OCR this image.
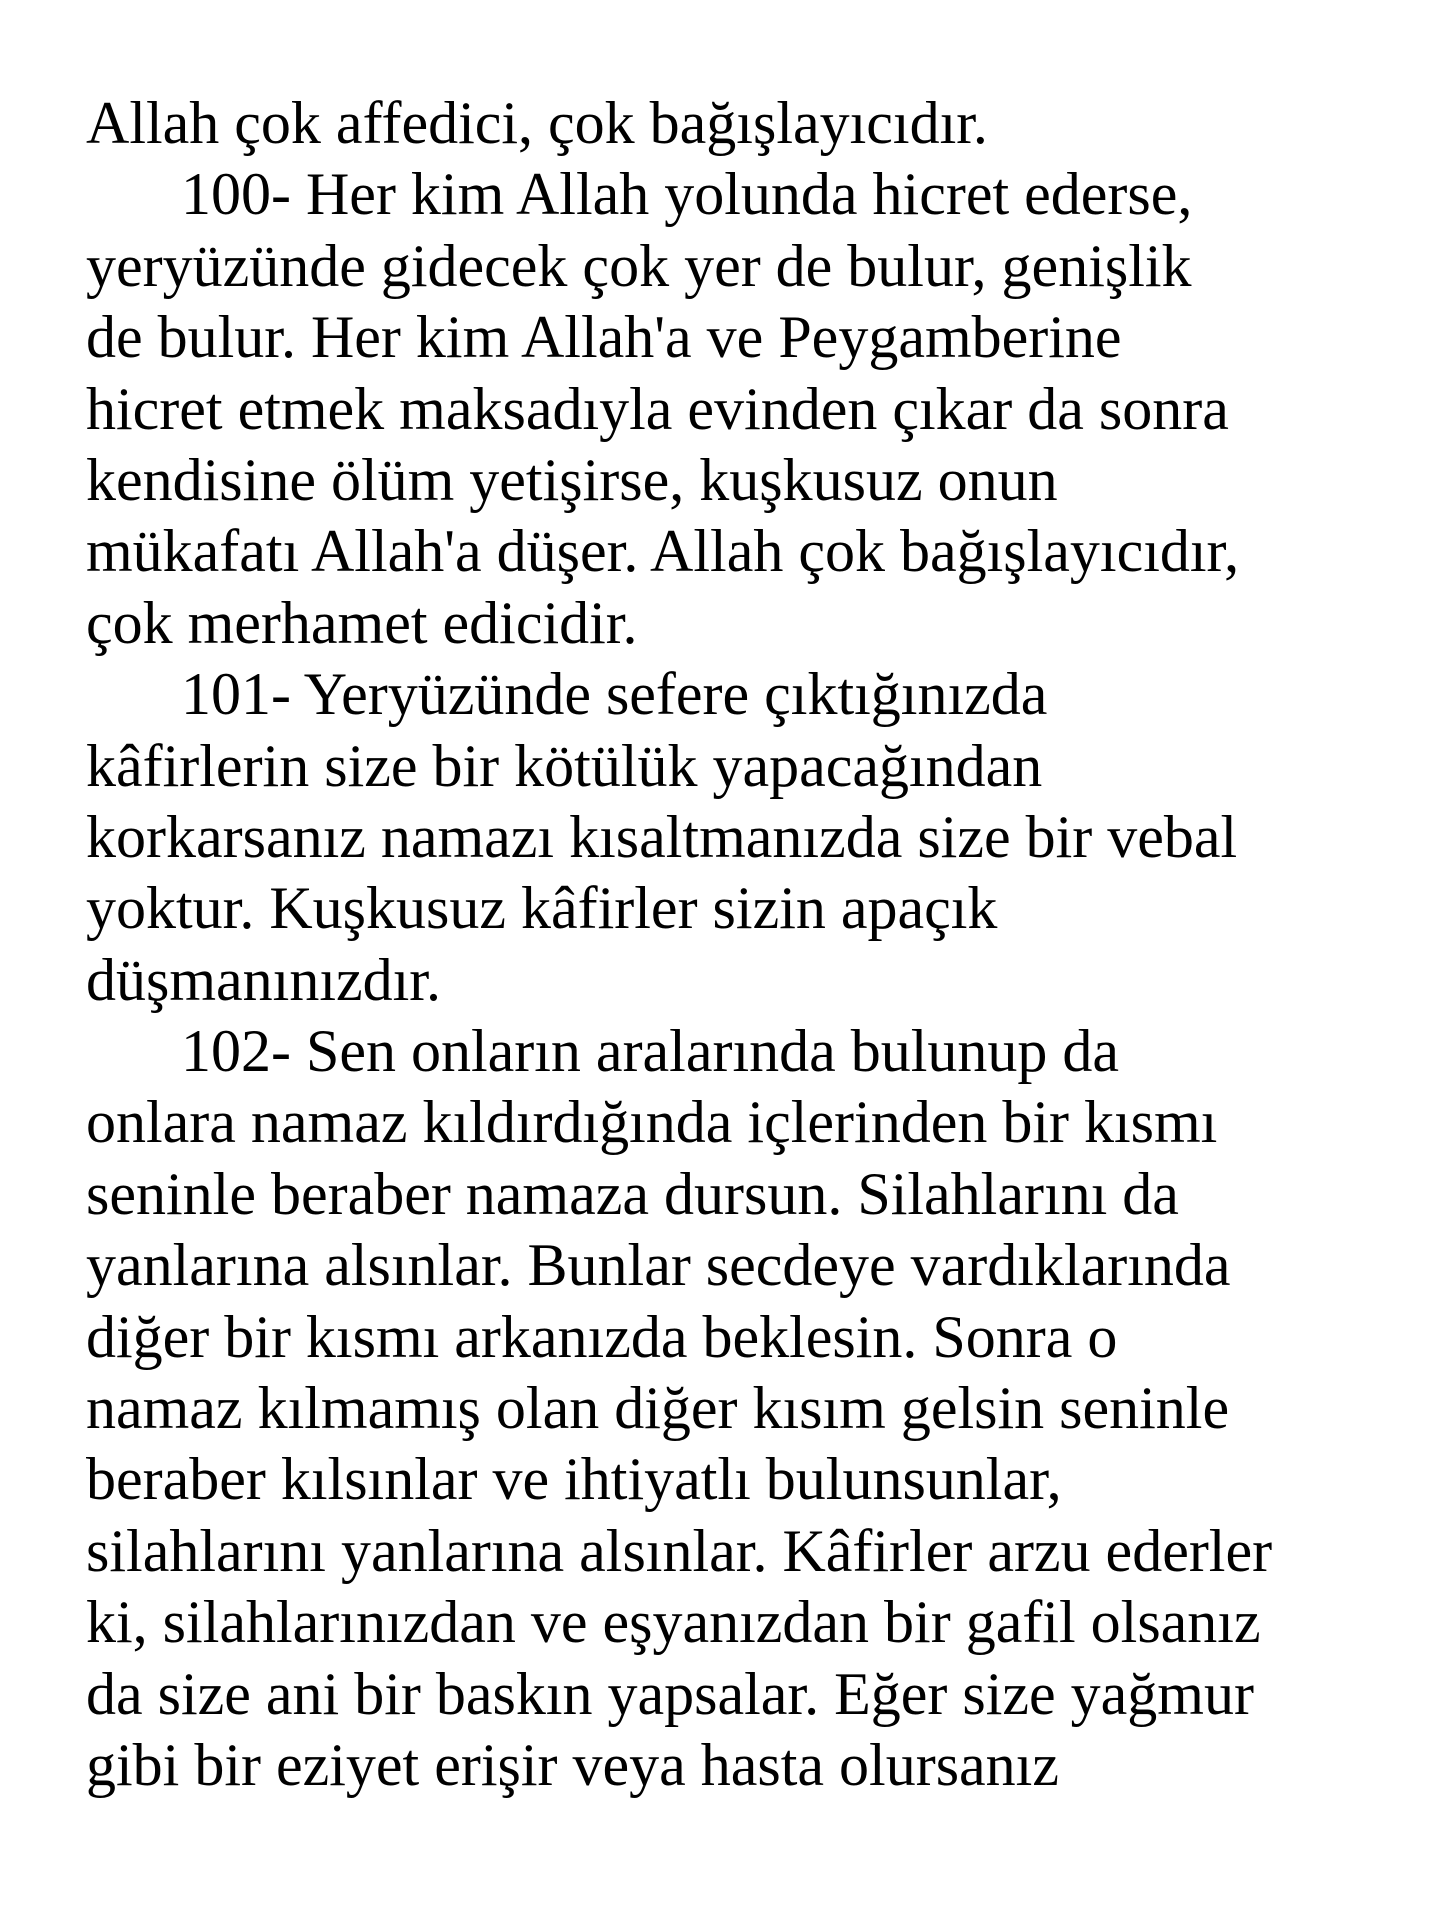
Allah çok affedici, çok bağışlayıcıdır.
100- Her kim Allah yolunda hicret ederse,
yeryüzünde gidecek çok yer de bulur, genişlik
de bulur. Her kim Allah'a ve Peygamberine
hicret etmek maksadıyla evinden çıkar da sonra
kendisine ölüm yetişirse, kuşkusuz onun
mükafatı Allah'a düşer. Allah çok bağışlayıcıdır,
çok merhamet edicidir.
101- Yeryüzünde sefere çıktığınızda
kâfirlerin size bir kötülük yapacağından
korkarsanız namazı kısaltmanızda size bir vebal
yoktur. Kuşkusuz kâfirler sizin apaçık
düşmanınızdır.
102- Sen onların aralarında bulunup da
onlara namaz kıldırdığında içlerinden bir kısmı
seninle beraber namaza dursun. Silahlarını da
yanlarına alsınlar. Bunlar secdeye vardıklarında
diğer bir kısmı arkanızda beklesin. Sonra o
namaz kılmamış olan diğer kısım gelsin seninle
beraber kılsınlar ve ihtiyatlı bulunsunlar,
silahlarını yanlarına alsınlar. Kâfirler arzu ederler
ki, silahlarınızdan ve eşyanızdan bir gafil olsanız
da size ani bir baskın yapsalar. Eğer size yağmur
gibi bir eziyet erişir veya hasta olursanız
